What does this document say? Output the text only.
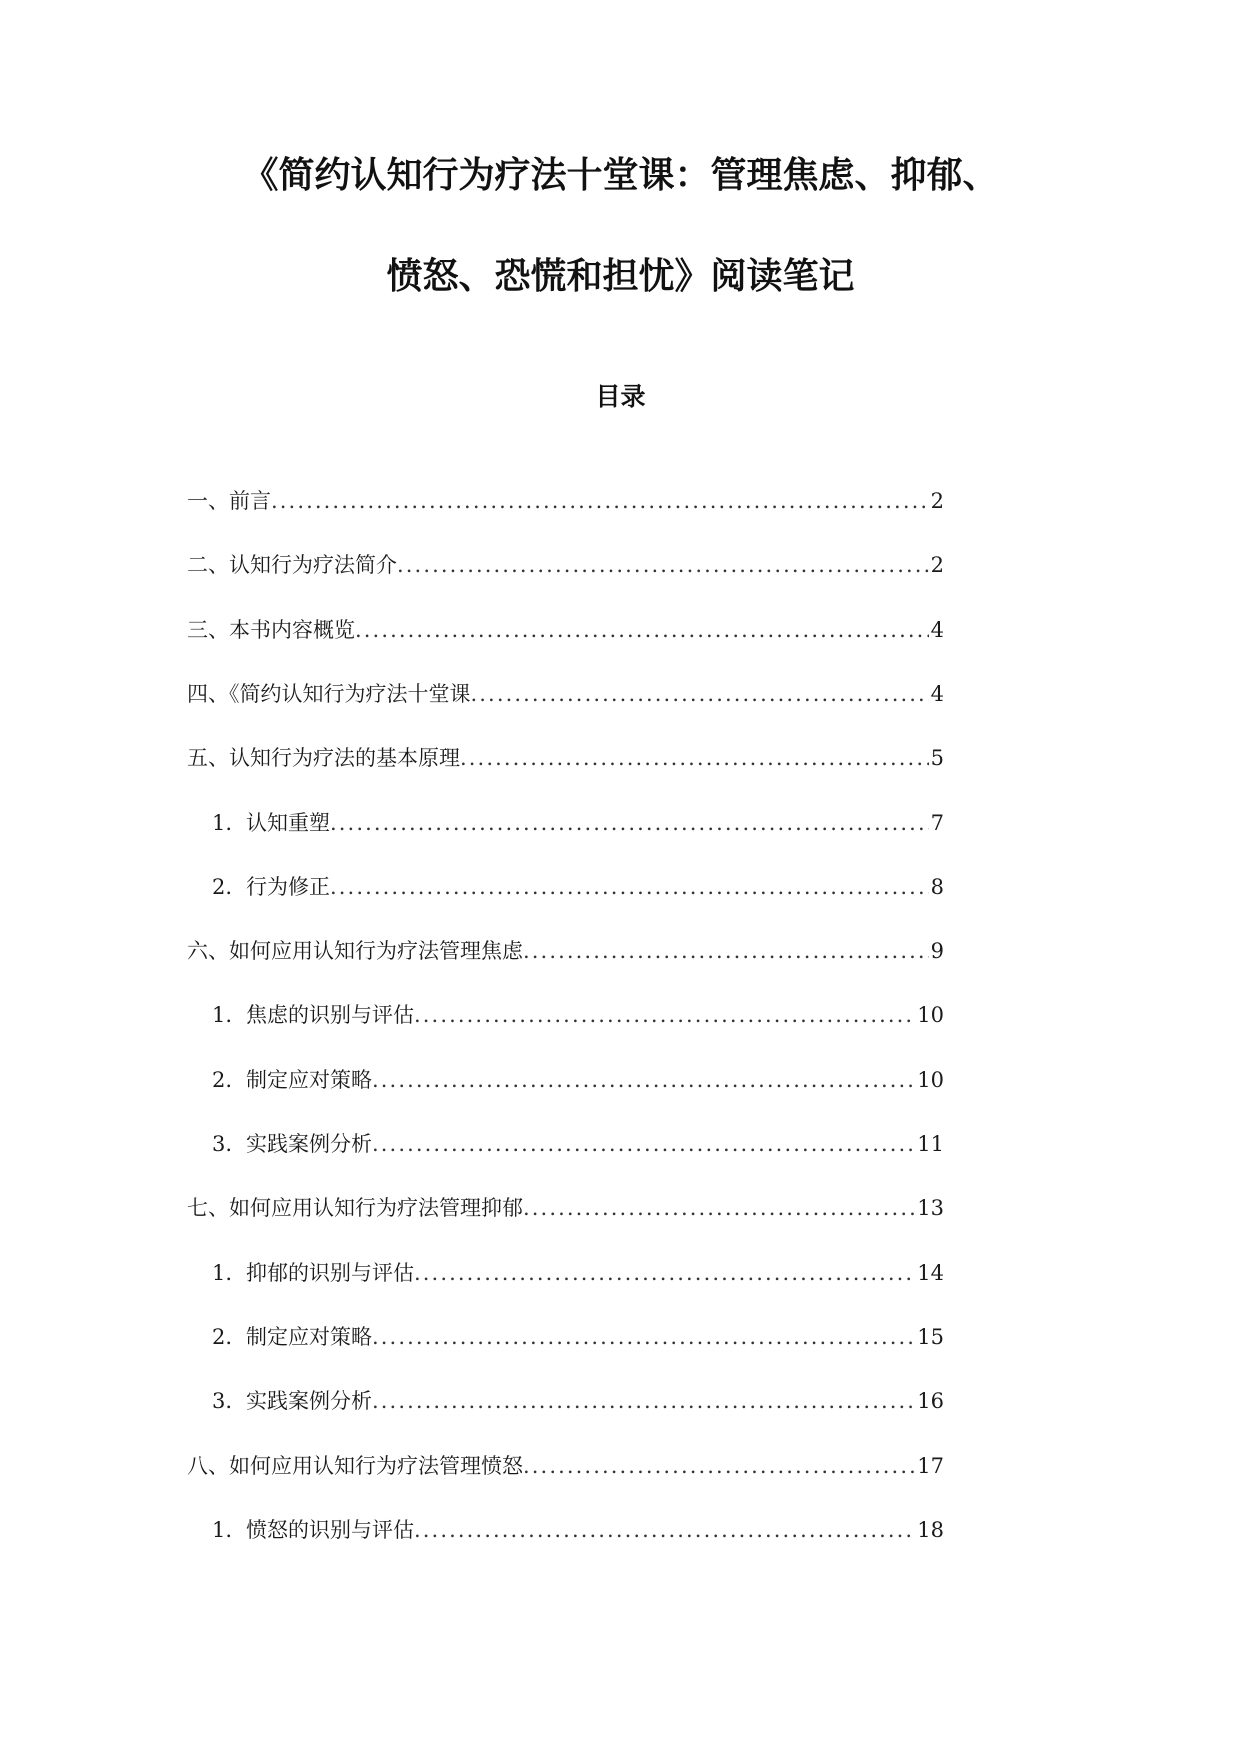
《简约认知行为疗法十堂课：管理焦虑、抑郁、
愤怒、恐慌和担忧》阅读笔记
目录
一、前言 .....	2
二、认知行为疗法简介 .....	2
三、本书内容概览 .....	4
四、《简约认知行为疗法十堂课 .....	4
五、认知行为疗法的基本原理 .....	5
1. 认知重塑 .....	7
2. 行为修正 .....	8
六、如何应用认知行为疗法管理焦虑 .....	9
1. 焦虑的识别与评估 .....	10
2. 制定应对策略 .....	10
3. 实践案例分析 .....	11
七、如何应用认知行为疗法管理抑郁 .....	13
1. 抑郁的识别与评估 .....	14
2. 制定应对策略 .....	15
3. 实践案例分析 .....	16
八、如何应用认知行为疗法管理愤怒 .....	17
1. 愤怒的识别与评估 .....	18
